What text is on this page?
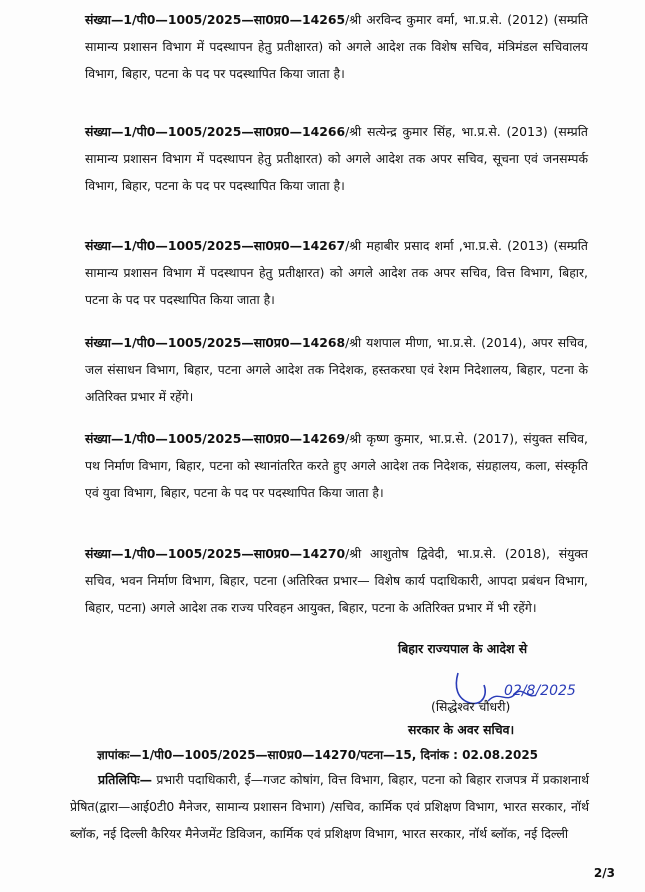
संख्या—1/पी0—1005/2025—सा0प्र0—14265/श्री अरविन्द कुमार वर्मा, भा.प्र.से. (2012) (सम्प्रति सामान्य प्रशासन विभाग में पदस्थापन हेतु प्रतीक्षारत) को अगले आदेश तक विशेष सचिव, मंत्रिमंडल सचिवालय विभाग, बिहार, पटना के पद पर पदस्थापित किया जाता है।
संख्या—1/पी0—1005/2025—सा0प्र0—14266/श्री सत्येन्द्र कुमार सिंह, भा.प्र.से. (2013) (सम्प्रति सामान्य प्रशासन विभाग में पदस्थापन हेतु प्रतीक्षारत) को अगले आदेश तक अपर सचिव, सूचना एवं जनसम्पर्क विभाग, बिहार, पटना के पद पर पदस्थापित किया जाता है।
संख्या—1/पी0—1005/2025—सा0प्र0—14267/श्री महाबीर प्रसाद शर्मा ,भा.प्र.से. (2013) (सम्प्रति सामान्य प्रशासन विभाग में पदस्थापन हेतु प्रतीक्षारत) को अगले आदेश तक अपर सचिव, वित्त विभाग, बिहार, पटना के पद पर पदस्थापित किया जाता है।
संख्या—1/पी0—1005/2025—सा0प्र0—14268/श्री यशपाल मीणा, भा.प्र.से. (2014), अपर सचिव, जल संसाधन विभाग, बिहार, पटना अगले आदेश तक निदेशक, हस्तकरघा एवं रेशम निदेशालय, बिहार, पटना के अतिरिक्त प्रभार में रहेंगे।
संख्या—1/पी0—1005/2025—सा0प्र0—14269/श्री कृष्ण कुमार, भा.प्र.से. (2017), संयुक्त सचिव, पथ निर्माण विभाग, बिहार, पटना को स्थानांतरित करते हुए अगले आदेश तक निदेशक, संग्रहालय, कला, संस्कृति एवं युवा विभाग, बिहार, पटना के पद पर पदस्थापित किया जाता है।
संख्या—1/पी0—1005/2025—सा0प्र0—14270/श्री आशुतोष द्विवेदी, भा.प्र.से. (2018), संयुक्त सचिव, भवन निर्माण विभाग, बिहार, पटना (अतिरिक्त प्रभार— विशेष कार्य पदाधिकारी, आपदा प्रबंधन विभाग, बिहार, पटना) अगले आदेश तक राज्य परिवहन आयुक्त, बिहार, पटना के अतिरिक्त प्रभार में भी रहेंगे।
बिहार राज्यपाल के आदेश से
02/8/2025
(सिद्धेश्वर चौधरी)
सरकार के अवर सचिव।
ज्ञापांकः—1/पी0—1005/2025—सा0प्र0—14270/पटना—15, दिनांक : 02.08.2025
प्रतिलिपिः— प्रभारी पदाधिकारी, ई—गजट कोषांग, वित्त विभाग, बिहार, पटना को बिहार राजपत्र में प्रकाशनार्थ प्रेषित(द्वारा—आई0टी0 मैनेजर, सामान्य प्रशासन विभाग) /सचिव, कार्मिक एवं प्रशिक्षण विभाग, भारत सरकार, नॉर्थ ब्लॉक, नई दिल्ली कैरियर मैनेजमेंट डिविजन, कार्मिक एवं प्रशिक्षण विभाग, भारत सरकार, नॉर्थ ब्लॉक, नई दिल्ली
2/3
